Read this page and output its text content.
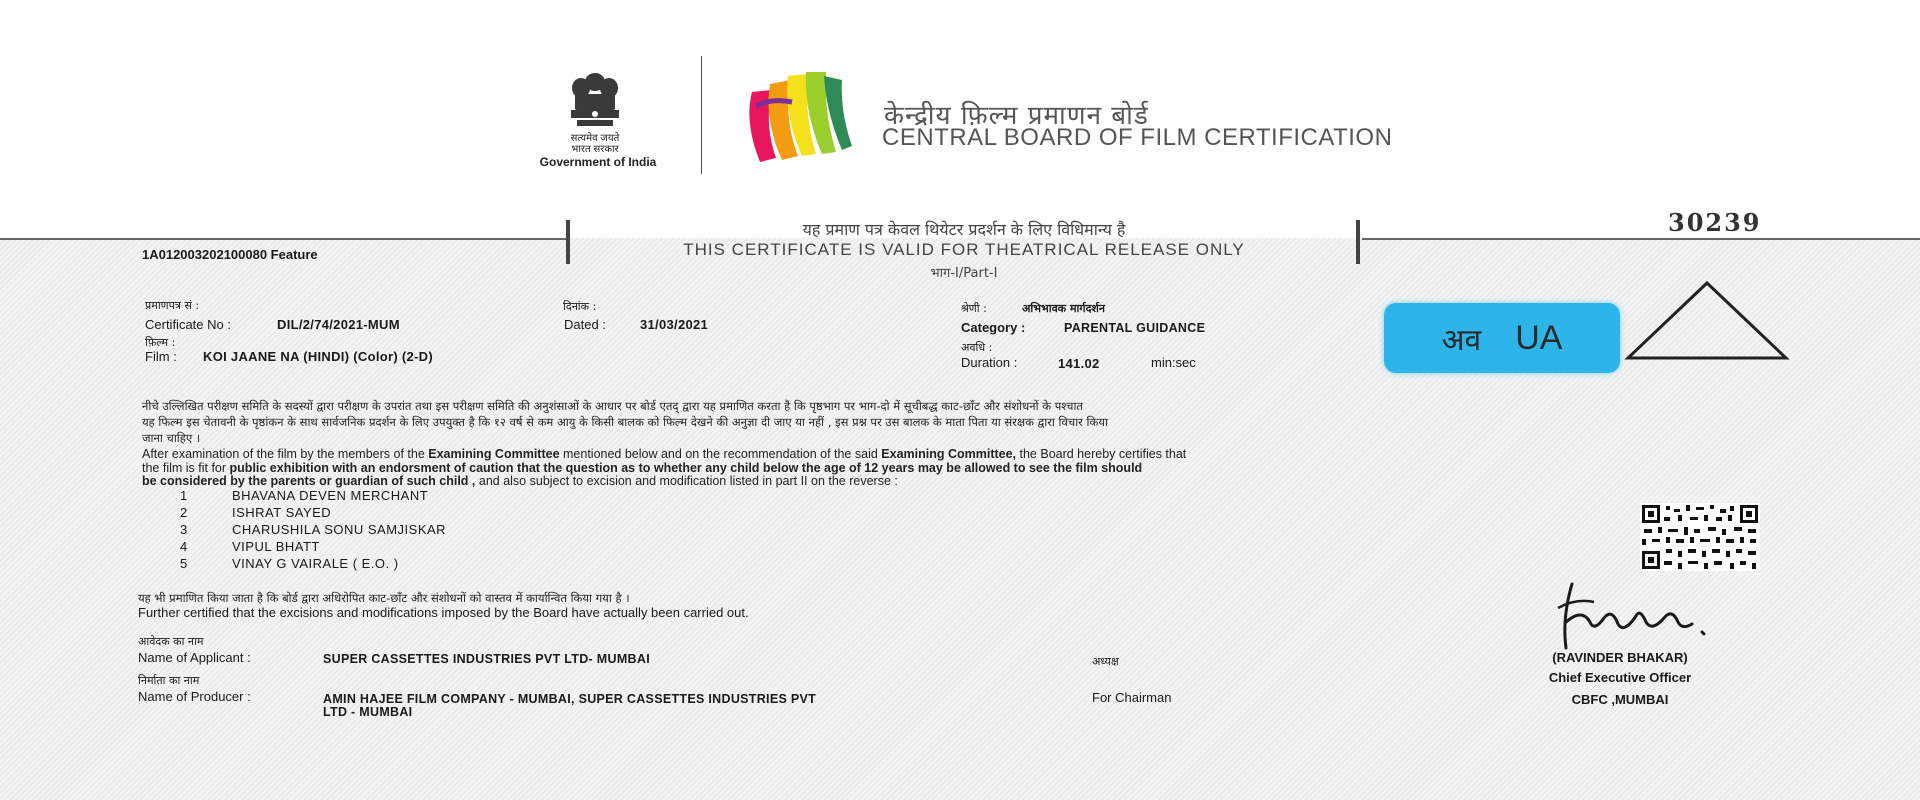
सत्यमेव जयते
भारत सरकार
Government of India
केन्द्रीय फ़िल्म प्रमाणन बोर्ड
CENTRAL BOARD OF FILM CERTIFICATION
यह प्रमाण पत्र केवल थियेटर प्रदर्शन के लिए विधिमान्य है
THIS CERTIFICATE IS VALID FOR THEATRICAL RELEASE ONLY
भाग-I/Part-I
30239
1A012003202100080 Feature
प्रमाणपत्र सं :
Certificate No :	DIL/2/74/2021-MUM
दिनांक :
Dated :	31/03/2021
श्रेणी :	अभिभावक मार्गदर्शन
Category :	PARENTAL GUIDANCE
फ़िल्म :
Film : KOI JAANE NA (HINDI) (Color) (2-D)
अवधि :
Duration :	141.02	min:sec
अव UA
नीचे उल्लिखित परीक्षण समिति के सदस्यों द्वारा परीक्षण के उपरांत तथा इस परीक्षण समिति की अनुशंसाओं के आधार पर बोर्ड एतद् द्वारा यह प्रमाणित करता है कि पृष्ठभाग पर भाग-दो में सूचीबद्ध काट-छाँट और संशोधनों के पश्चात
यह फिल्म इस चेतावनी के पृष्ठांकन के साथ सार्वजनिक प्रदर्शन के लिए उपयुक्त है कि १२ वर्ष से कम आयु के किसी बालक को फिल्म देखने की अनुज्ञा दी जाए या नहीं , इस प्रश्न पर उस बालक के माता पिता या संरक्षक द्वारा विचार किया
जाना चाहिए ।
After examination of the film by the members of the Examining Committee mentioned below and on the recommendation of the said Examining Committee, the Board hereby certifies that
the film is fit for public exhibition with an endorsment of caution that the question as to whether any child below the age of 12 years may be allowed to see the film should
be considered by the parents or guardian of such child , and also subject to excision and modification listed in part II on the reverse :
1	BHAVANA DEVEN MERCHANT
2	ISHRAT SAYED
3	CHARUSHILA SONU SAMJISKAR
4	VIPUL BHATT
5	VINAY G VAIRALE ( E.O. )
यह भी प्रमाणित किया जाता है कि बोर्ड द्वारा अधिरोपित काट-छाँट और संशोधनों को वास्तव में कार्यान्वित किया गया है ।
Further certified that the excisions and modifications imposed by the Board have actually been carried out.
आवेदक का नाम
Name of Applicant :	SUPER CASSETTES INDUSTRIES PVT LTD- MUMBAI
निर्माता का नाम
Name of Producer :	AMIN HAJEE FILM COMPANY - MUMBAI, SUPER CASSETTES INDUSTRIES PVT
LTD - MUMBAI
अध्यक्ष
For Chairman
(RAVINDER BHAKAR)
Chief Executive Officer
CBFC ,MUMBAI
